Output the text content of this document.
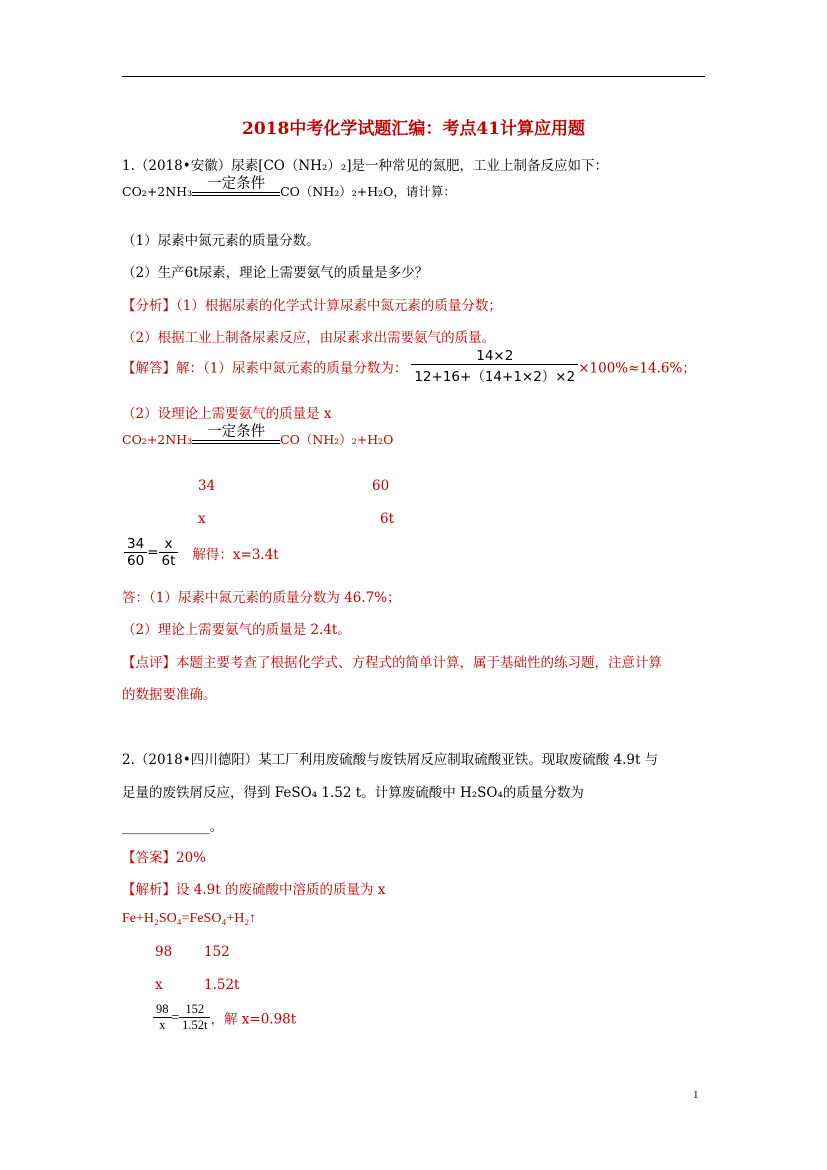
2018中考化学试题汇编：考点41计算应用题
1.（2018•安徽）尿素[CO（NH₂）₂]是一种常见的氮肥，工业上制备反应如下：
CO₂+2NH₃	一定条件	CO（NH₂）₂+H₂O，请计算：
（1）尿素中氮元素的质量分数。
（2）生产6t尿素，理论上需要氨气的质量是多少？
【分析】（1）根据尿素的化学式计算尿素中氮元素的质量分数；
（2）根据工业上制备尿素反应，由尿素求出需要氨气的质量。
【解答】解：（1）尿素中氮元素的质量分数为： $\frac{14\times 2}{12+16+(14+1\times 2)\times 2} \times 100\%\approx 14.6\%$；
（2）设理论上需要氨气的质量是 x
CO₂+2NH₃	一定条件	CO（NH₂）₂+H₂O
34	60
x	6t
$\frac{34}{60} = \frac{x}{6t}$ 解得：x=3.4t
答：（1）尿素中氮元素的质量分数为 46.7%；
（2）理论上需要氨气的质量是 2.4t。
【点评】本题主要考查了根据化学式、方程式的简单计算，属于基础性的练习题，注意计算
的数据要准确。
2.（2018•四川德阳）某工厂利用废硫酸与废铁屑反应制取硫酸亚铁。现取废硫酸 4.9t 与
足量的废铁屑反应，得到 FeSO₄ 1.52 t。计算废硫酸中 H₂SO₄的质量分数为
_____________。
【答案】20%
【解析】设 4.9t 的废硫酸中溶质的质量为 x
Fe+H₂SO₄=FeSO₄+H₂↑
98 152
x	1.52t
$\frac{98}{x} = \frac{152}{1.52t}$ ，解 x=0.98t
1
